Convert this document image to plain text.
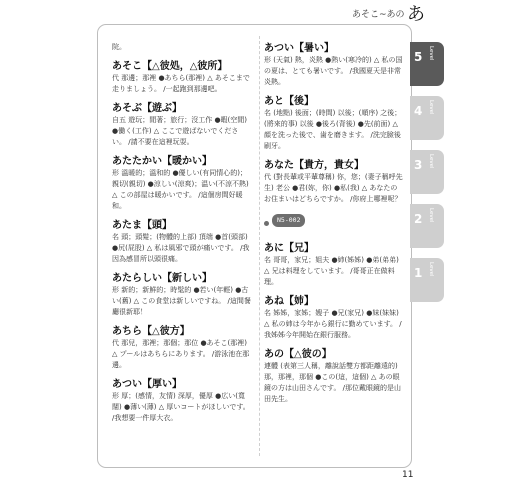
あそこ~あの あ
院。
あそこ【△彼処，△彼所】
代 那邊；那裡 ●あちら(那裡) △ あそこまで走りましょう。 /一起跑到那邊吧。
あそぶ【遊ぶ】
自五 遊玩；閒著；旅行；沒工作 ●暇(空閒) ●働く(工作) △ ここで遊ばないでください。 /請不要在這裡玩耍。
あたたかい【暖かい】
形 溫暖的；溫和的 ●優しい(有同情心的)；親切(親切) ●涼しい(涼爽)；温い(不涼不熱) △ この部屋は暖かいです。 /這個房間好暖和。
あたま【頭】
名 頭；頭髮；(物體的上部) 頂端 ●首(頭部) ●尻(屁股) △ 私は風邪で頭が痛いです。 /我因為感冒所以頭很痛。
あたらしい【新しい】
形 新的；新鮮的；時髦的 ●若い(年輕) ●古い(舊) △ この食堂は新しいですね。 /這間餐廳很新耶！
あちら【△彼方】
代 那兒，那裡；那個；那位 ●あそこ(那裡) △ プールはあちらにあります。 /游泳池在那邊。
あつい【厚い】
形 厚；(感情，友情) 深厚，優厚 ●広い(寬闊) ●薄い(薄) △ 厚いコートがほしいです。 /我想要一件厚大衣。
あつい【暑い】
形 (天氣) 熱，炎熱 ●熱い(寒冷的) △ 私の国の夏は、とても暑いです。 /我國夏天是非常炎熱。
あと【後】
名 (地點) 後面；(時間) 以後；(順序) 之後；(將來的事) 以後 ●後ろ(背後) ●先(前面) △ 顔を洗った後で、歯を磨きます。 /洗完臉後刷牙。
あなた【貴方，貴女】
代 (對長輩或平輩尊稱) 你，您；(妻子稱呼先生) 老公 ●君(妳，你) ●私(我) △ あなたのお住まいはどちらですか。 /你府上哪裡呢？
N5-002
あに【兄】
名 哥哥，家兄；姐夫 ●姉(姊姊) ●弟(弟弟) △ 兄は料理をしています。 /哥哥正在做料理。
あね【姉】
名 姊姊，家姊；嫂子 ●兄(家兄) ●妹(妹妹) △ 私の姉は今年から銀行に勤めています。 /我姊姊今年開始在銀行服務。
あの【△彼の】
連體 (表第三人稱，離說話雙方都距離遠的) 那，那裡，那個 ●この(這，這個) △ あの眼鏡の方は山田さんです。 /那位戴眼鏡的是山田先生。
5 Level
4 Level
3 Level
2 Level
1 Level
11
